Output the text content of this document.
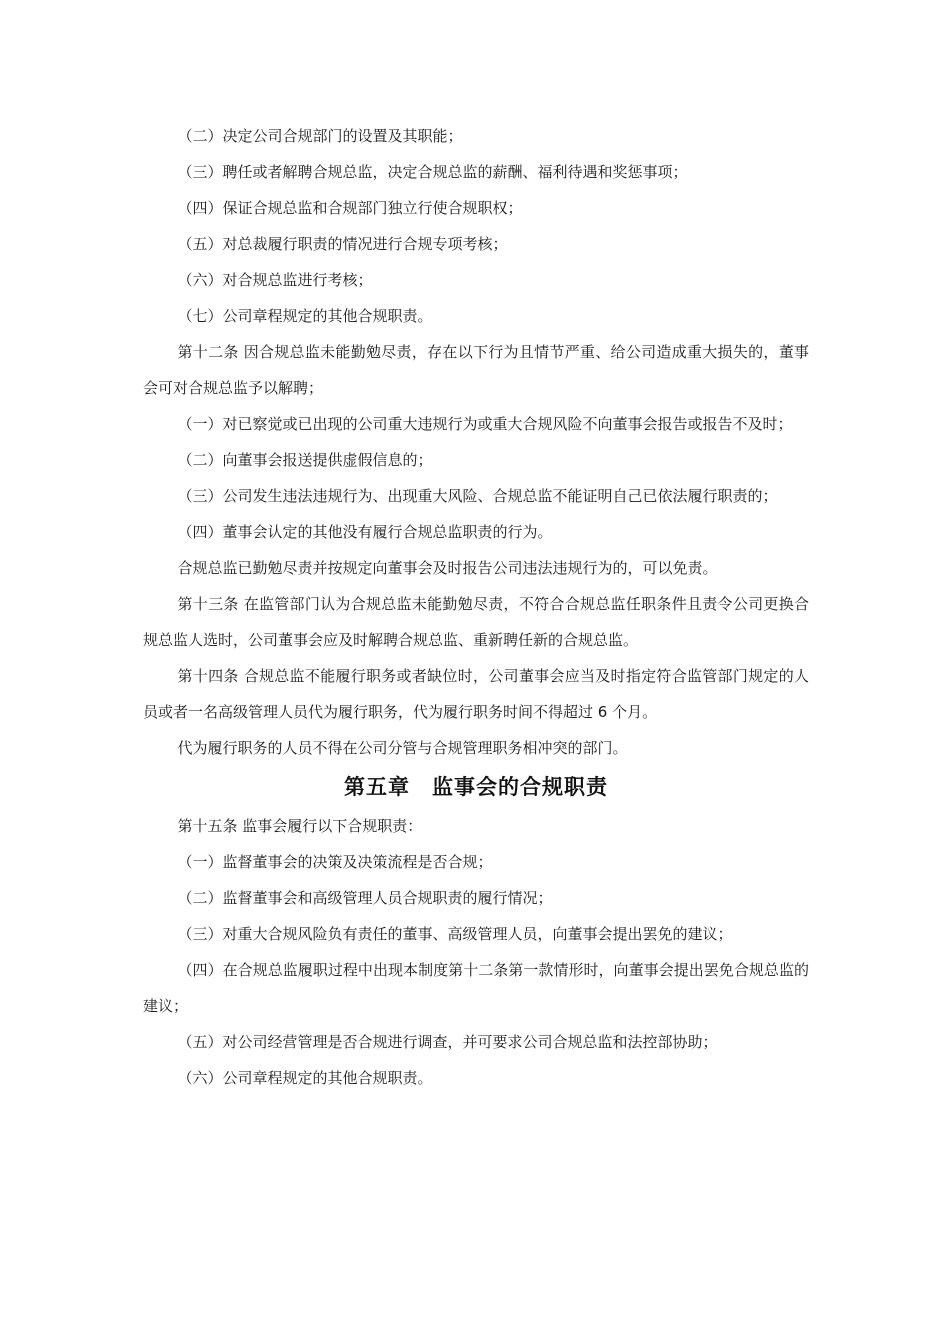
（二）决定公司合规部门的设置及其职能；

（三）聘任或者解聘合规总监，决定合规总监的薪酬、福利待遇和奖惩事项；

（四）保证合规总监和合规部门独立行使合规职权；

（五）对总裁履行职责的情况进行合规专项考核；

（六）对合规总监进行考核；

（七）公司章程规定的其他合规职责。

第十二条 因合规总监未能勤勉尽责，存在以下行为且情节严重、给公司造成重大损失的，董事会可对合规总监予以解聘；

（一）对已察觉或已出现的公司重大违规行为或重大合规风险不向董事会报告或报告不及时；

（二）向董事会报送提供虚假信息的；

（三）公司发生违法违规行为、出现重大风险、合规总监不能证明自己已依法履行职责的；

（四）董事会认定的其他没有履行合规总监职责的行为。

合规总监已勤勉尽责并按规定向董事会及时报告公司违法违规行为的，可以免责。

第十三条 在监管部门认为合规总监未能勤勉尽责，不符合合规总监任职条件且责令公司更换合规总监人选时，公司董事会应及时解聘合规总监、重新聘任新的合规总监。

第十四条 合规总监不能履行职务或者缺位时，公司董事会应当及时指定符合监管部门规定的人员或者一名高级管理人员代为履行职务，代为履行职务时间不得超过 6 个月。

代为履行职务的人员不得在公司分管与合规管理职务相冲突的部门。

第五章　监事会的合规职责

第十五条 监事会履行以下合规职责：

（一）监督董事会的决策及决策流程是否合规；

（二）监督董事会和高级管理人员合规职责的履行情况；

（三）对重大合规风险负有责任的董事、高级管理人员，向董事会提出罢免的建议；

（四）在合规总监履职过程中出现本制度第十二条第一款情形时，向董事会提出罢免合规总监的建议；

（五）对公司经营管理是否合规进行调查，并可要求公司合规总监和法控部协助；

（六）公司章程规定的其他合规职责。
